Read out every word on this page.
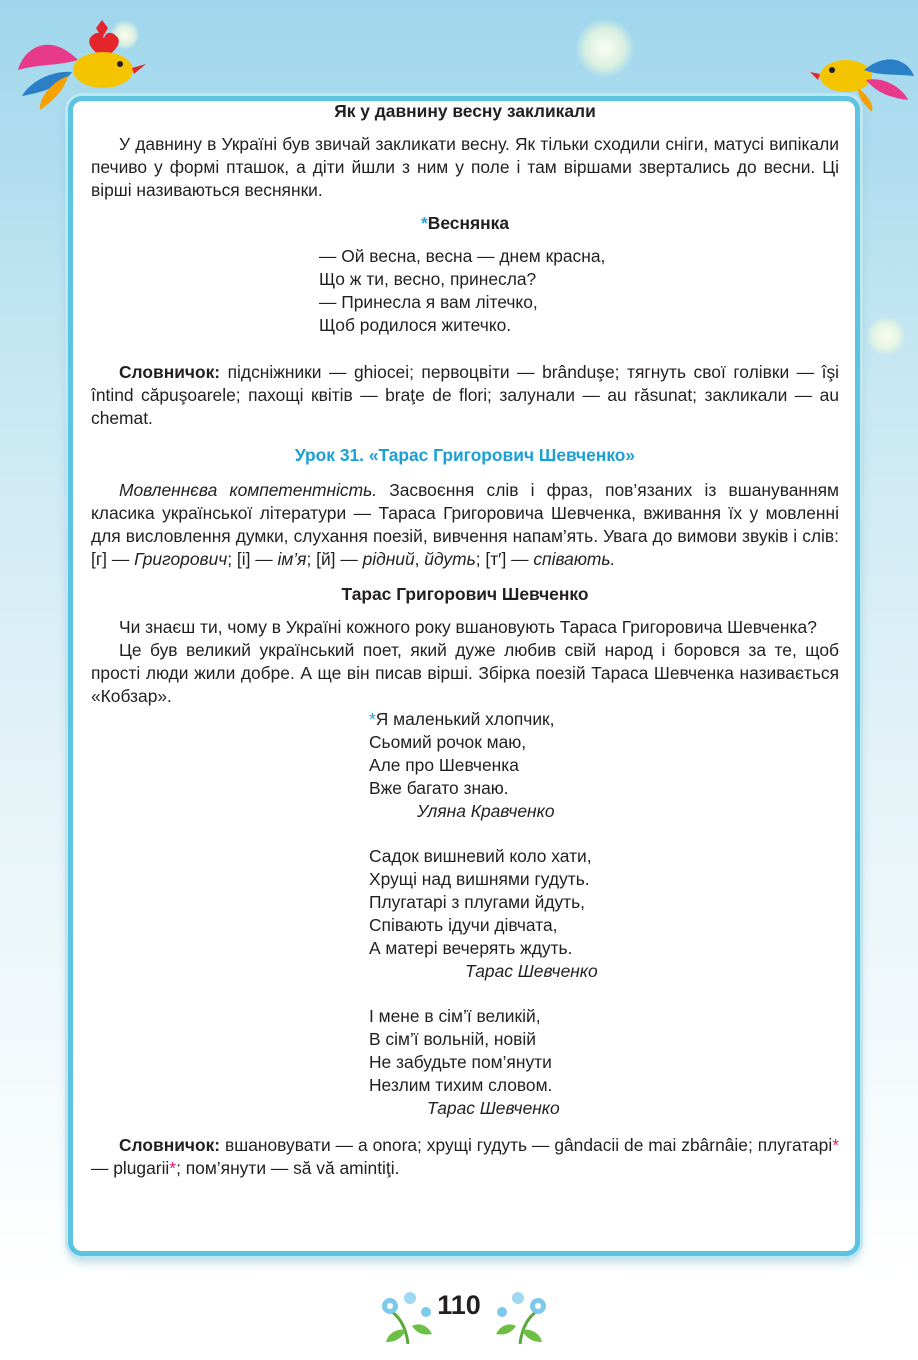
Як у давнину весну закликали

У давнину в Україні був звичай закликати весну. Як тільки сходили сніги, матусі випікали печиво у формі пташок, а діти йшли з ним у поле і там віршами звертались до весни. Ці вірші називаються веснянки.

*Веснянка
— Ой весна, весна — днем красна,
Що ж ти, весно, принесла?
— Принесла я вам літечко,
Щоб родилося житечко.

Словничок: підсніжники — ghiocei; первоцвіти — brânduşe; тягнуть свої голівки — îşi întind căpuşoarele; пахощі квітів — braţe de flori; залунали — au răsunat; закликали — au chemat.

Урок 31. «Тарас Григорович Шевченко»

Мовленнєва компетентність. Засвоєння слів і фраз, пов’язаних із вшануванням класика української літератури — Тараса Григоровича Шевченка, вживання їх у мовленні для висловлення думки, слухання поезій, вивчення напам’ять. Увага до вимови звуків і слів: [г] — Григорович; [і] — ім’я; [й] — рідний, йдуть; [т′] — співають.

Тарас Григорович Шевченко

Чи знаєш ти, чому в Україні кожного року вшановують Тараса Григоровича Шевченка?

Це був великий український поет, який дуже любив свій народ і боровся за те, щоб прості люди жили добре. А ще він писав вірші. Збірка поезій Тараса Шевченка називається «Кобзар».

*Я маленький хлопчик,
Сьомий рочок маю,
Але про Шевченка
Вже багато знаю.
Уляна Кравченко
Садок вишневий коло хати,
Хрущі над вишнями гудуть.
Плугатарі з плугами йдуть,
Співають ідучи дівчата,
А матері вечерять ждуть.
Тарас Шевченко
І мене в сім’ї великій,
В сім’ї вольній, новій
Не забудьте пом’янути
Незлим тихим словом.
Тарас Шевченко

Словничок: вшановувати — a onora; хрущі гудуть — gândacii de mai zbârnâie; плугатарі* — plugarii*; пом’янути — să vă amintiţi.

110
